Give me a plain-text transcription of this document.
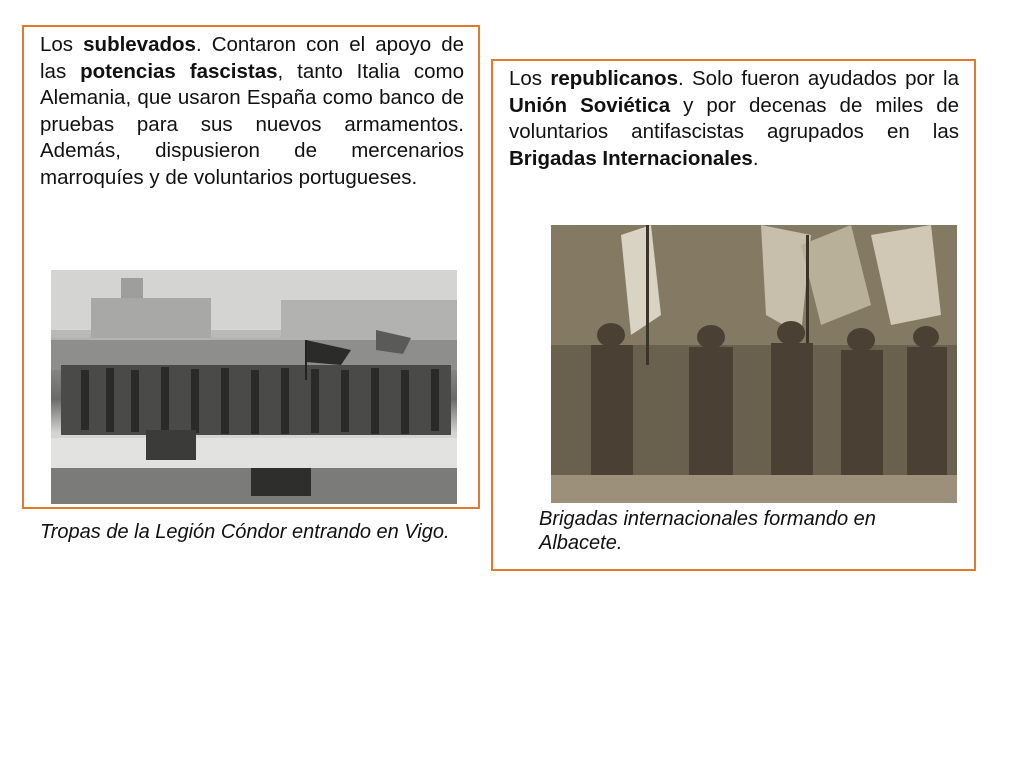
Los sublevados. Contaron con el apoyo de las potencias fascistas, tanto Italia como Alemania, que usaron España como banco de pruebas para sus nuevos armamentos. Además, dispusieron de mercenarios marroquíes y de voluntarios portugueses.
Tropas de la Legión Cóndor entrando en Vigo.
Los republicanos. Solo fueron ayudados por la Unión Soviética y por decenas de miles de voluntarios antifascistas agrupados en las Brigadas Internacionales.
Brigadas internacionales formando en Albacete.
